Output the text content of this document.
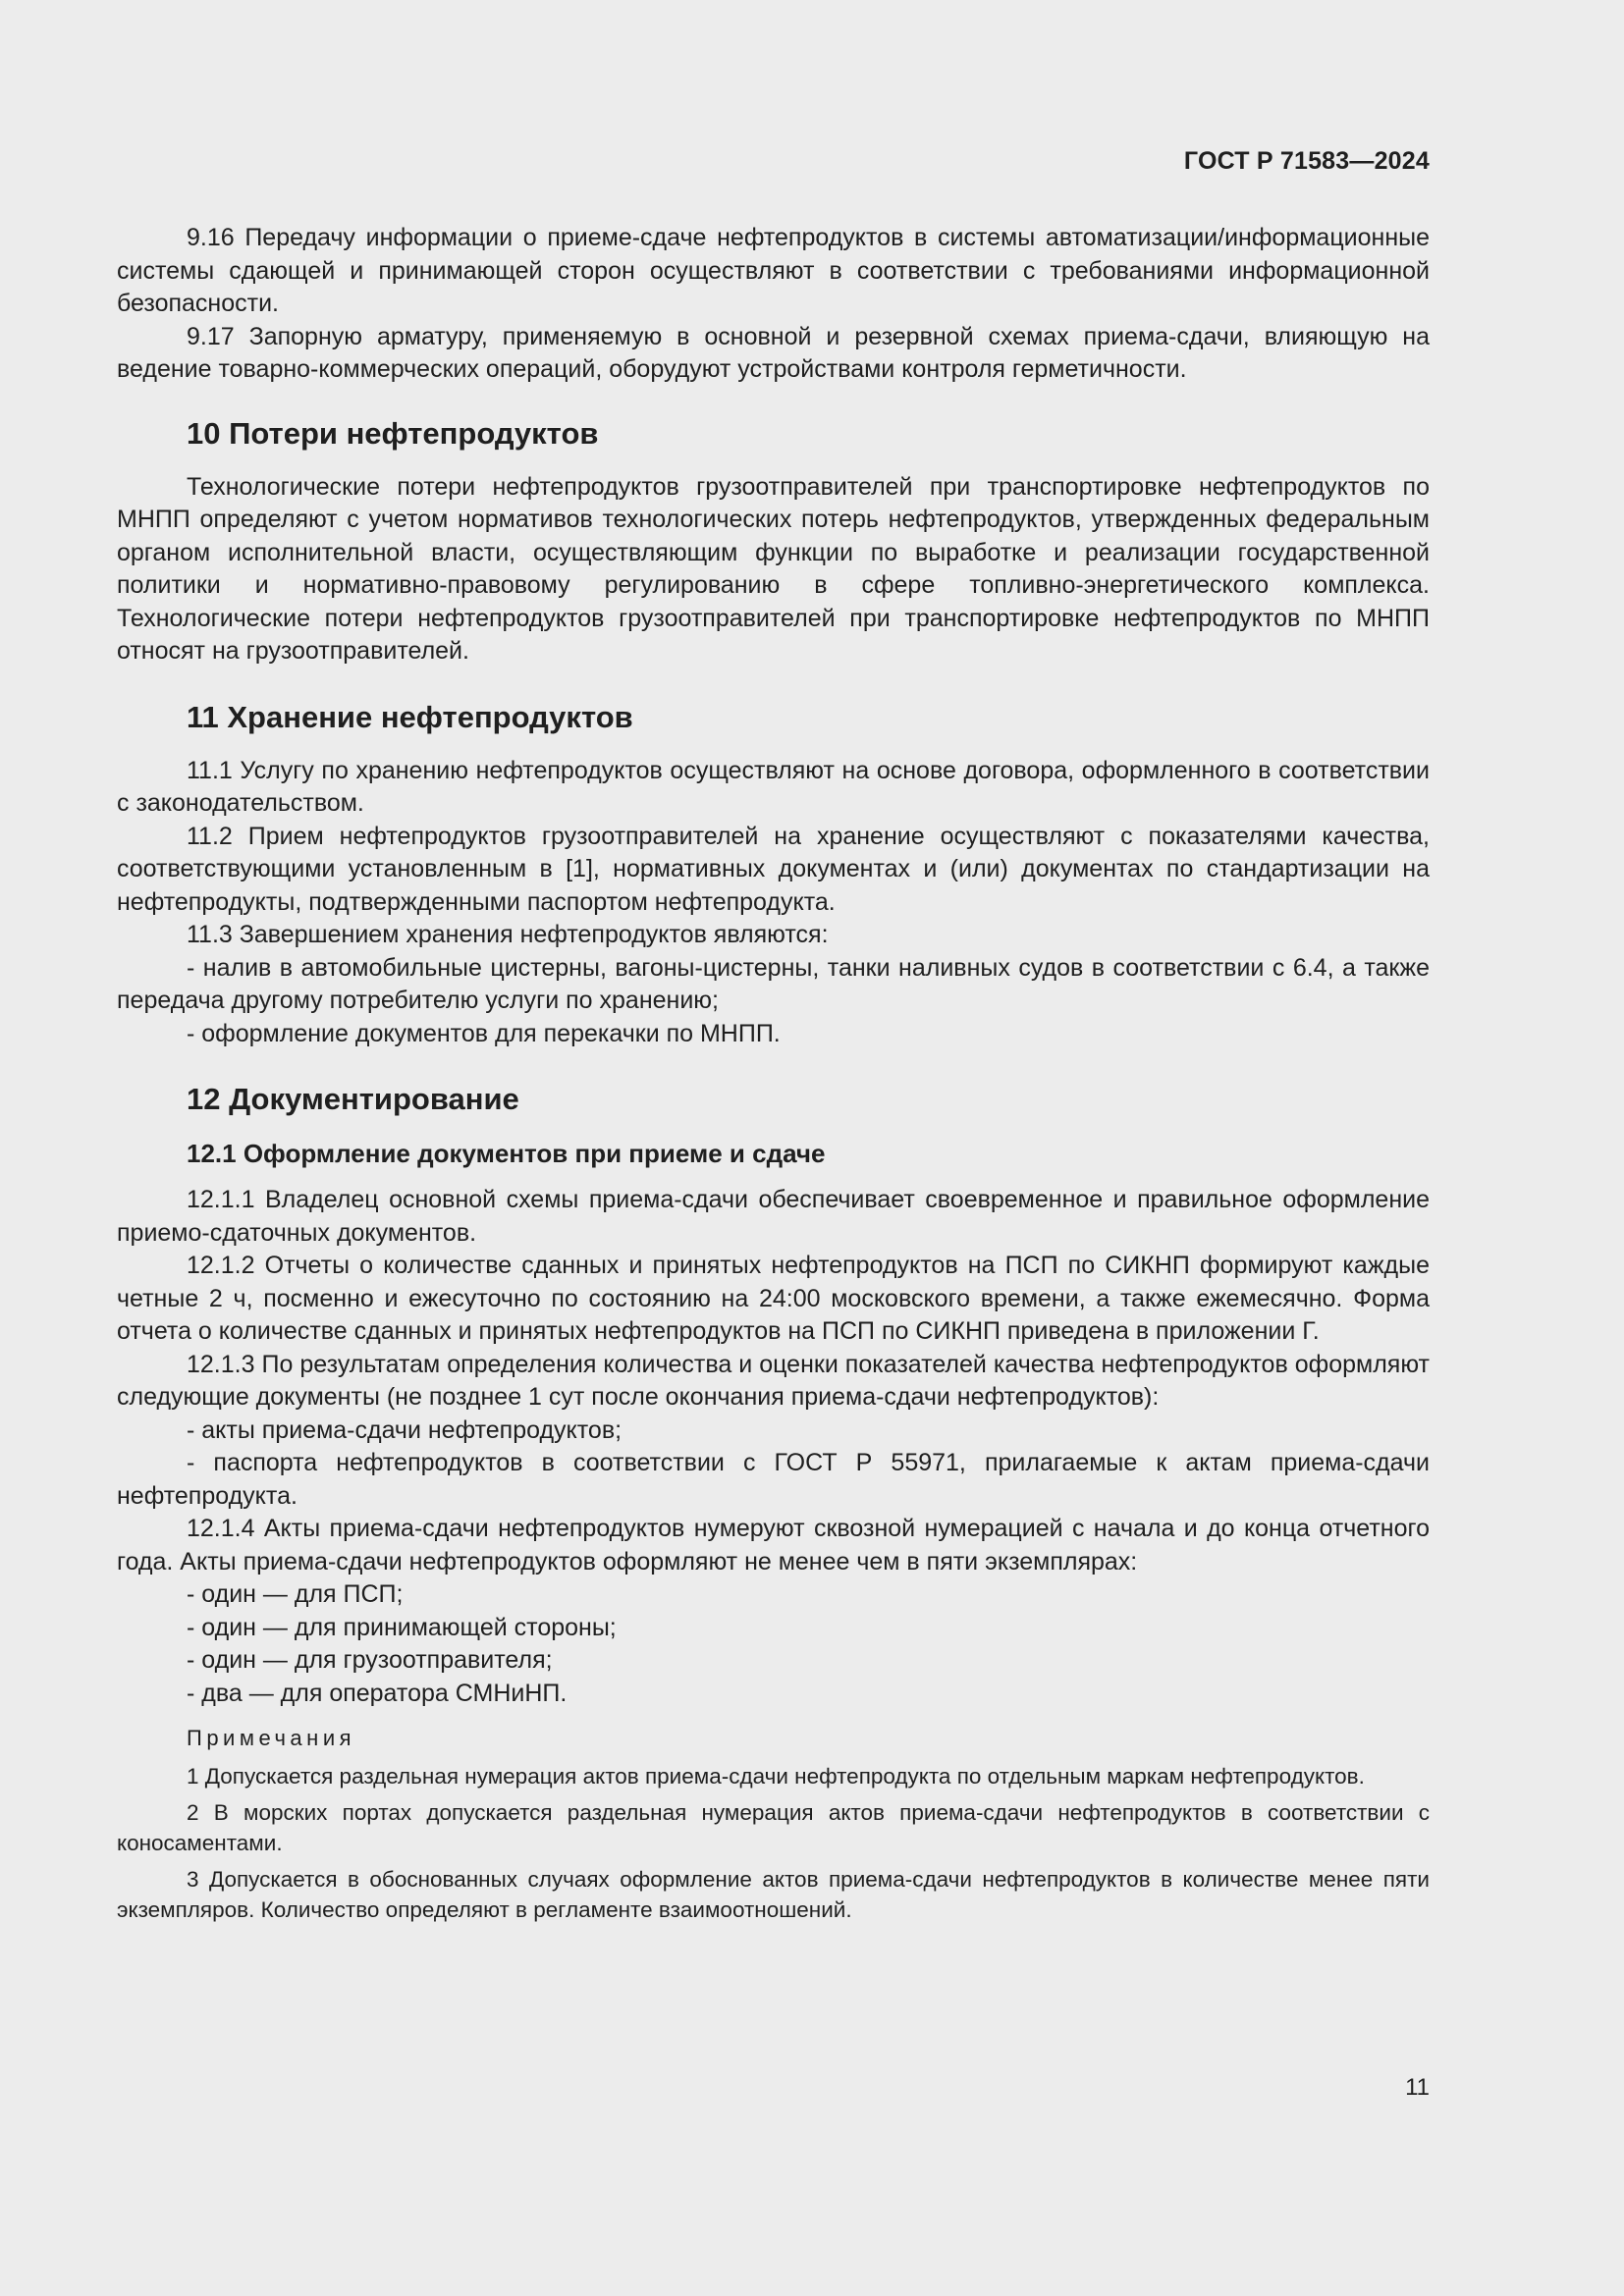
ГОСТ Р 71583—2024

9.16 Передачу информации о приеме-сдаче нефтепродуктов в системы автоматизации/информационные системы сдающей и принимающей сторон осуществляют в соответствии с требованиями информационной безопасности.

9.17 Запорную арматуру, применяемую в основной и резервной схемах приема-сдачи, влияющую на ведение товарно-коммерческих операций, оборудуют устройствами контроля герметичности.

10 Потери нефтепродуктов

Технологические потери нефтепродуктов грузоотправителей при транспортировке нефтепродуктов по МНПП определяют с учетом нормативов технологических потерь нефтепродуктов, утвержденных федеральным органом исполнительной власти, осуществляющим функции по выработке и реализации государственной политики и нормативно-правовому регулированию в сфере топливно-энергетического комплекса. Технологические потери нефтепродуктов грузоотправителей при транспортировке нефтепродуктов по МНПП относят на грузоотправителей.

11 Хранение нефтепродуктов

11.1 Услугу по хранению нефтепродуктов осуществляют на основе договора, оформленного в соответствии с законодательством.

11.2 Прием нефтепродуктов грузоотправителей на хранение осуществляют с показателями качества, соответствующими установленным в [1], нормативных документах и (или) документах по стандартизации на нефтепродукты, подтвержденными паспортом нефтепродукта.

11.3 Завершением хранения нефтепродуктов являются:

- налив в автомобильные цистерны, вагоны-цистерны, танки наливных судов в соответствии с 6.4, а также передача другому потребителю услуги по хранению;

- оформление документов для перекачки по МНПП.

12 Документирование
12.1 Оформление документов при приеме и сдаче

12.1.1 Владелец основной схемы приема-сдачи обеспечивает своевременное и правильное оформление приемо-сдаточных документов.

12.1.2 Отчеты о количестве сданных и принятых нефтепродуктов на ПСП по СИКНП формируют каждые четные 2 ч, посменно и ежесуточно по состоянию на 24:00 московского времени, а также ежемесячно. Форма отчета о количестве сданных и принятых нефтепродуктов на ПСП по СИКНП приведена в приложении Г.

12.1.3 По результатам определения количества и оценки показателей качества нефтепродуктов оформляют следующие документы (не позднее 1 сут после окончания приема-сдачи нефтепродуктов):

- акты приема-сдачи нефтепродуктов;

- паспорта нефтепродуктов в соответствии с ГОСТ Р 55971, прилагаемые к актам приема-сдачи нефтепродукта.

12.1.4 Акты приема-сдачи нефтепродуктов нумеруют сквозной нумерацией с начала и до конца отчетного года. Акты приема-сдачи нефтепродуктов оформляют не менее чем в пяти экземплярах:

- один — для ПСП;

- один — для принимающей стороны;

- один — для грузоотправителя;

- два — для оператора СМНиНП.

Примечания

1 Допускается раздельная нумерация актов приема-сдачи нефтепродукта по отдельным маркам нефтепродуктов.

2 В морских портах допускается раздельная нумерация актов приема-сдачи нефтепродуктов в соответствии с коносаментами.

3 Допускается в обоснованных случаях оформление актов приема-сдачи нефтепродуктов в количестве менее пяти экземпляров. Количество определяют в регламенте взаимоотношений.

11
